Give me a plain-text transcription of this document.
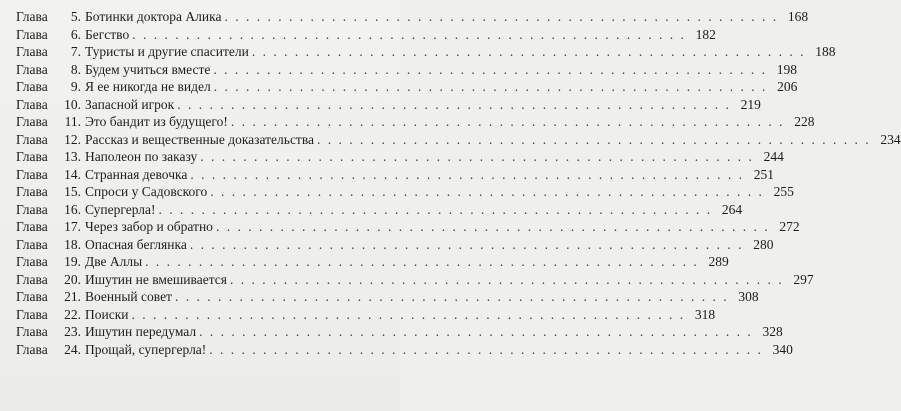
Глава	5. Ботинки доктора Алика . . . . . . . . . . . . . . . . . . . . . . . . . . . . . . . . . . . . . . . . . . . . . . . . . . . . 168
Глава	6. Бегство . . . . . . . . . . . . . . . . . . . . . . . . . . . . . . . . . . . . . . . . . . . . . . . . . . . . 182
Глава	7. Туристы и другие спасители . . . . . . . . . . . . . . . . . . . . . . . . . . . . . . . . . . . . . . . . . . . . . . . . . . . . 188
Глава	8. Будем учиться вместе . . . . . . . . . . . . . . . . . . . . . . . . . . . . . . . . . . . . . . . . . . . . . . . . . . . . 198
Глава	9. Я ее никогда не видел . . . . . . . . . . . . . . . . . . . . . . . . . . . . . . . . . . . . . . . . . . . . . . . . . . . . 206
Глава	10. Запасной игрок . . . . . . . . . . . . . . . . . . . . . . . . . . . . . . . . . . . . . . . . . . . . . . . . . . . . 219
Глава	11. Это бандит из будущего! . . . . . . . . . . . . . . . . . . . . . . . . . . . . . . . . . . . . . . . . . . . . . . . . . . . . 228
Глава	12. Рассказ и вещественные доказательства . . . . . . . . . . . . . . . . . . . . . . . . . . . . . . . . . . . . . . . . . . . . . . . . . . . . 234
Глава	13. Наполеон по заказу . . . . . . . . . . . . . . . . . . . . . . . . . . . . . . . . . . . . . . . . . . . . . . . . . . . . 244
Глава	14. Странная девочка . . . . . . . . . . . . . . . . . . . . . . . . . . . . . . . . . . . . . . . . . . . . . . . . . . . . 251
Глава	15. Спроси у Садовского . . . . . . . . . . . . . . . . . . . . . . . . . . . . . . . . . . . . . . . . . . . . . . . . . . . . 255
Глава	16. Супергерла! . . . . . . . . . . . . . . . . . . . . . . . . . . . . . . . . . . . . . . . . . . . . . . . . . . . . 264
Глава	17. Через забор и обратно . . . . . . . . . . . . . . . . . . . . . . . . . . . . . . . . . . . . . . . . . . . . . . . . . . . . 272
Глава	18. Опасная беглянка . . . . . . . . . . . . . . . . . . . . . . . . . . . . . . . . . . . . . . . . . . . . . . . . . . . . 280
Глава	19. Две Аллы . . . . . . . . . . . . . . . . . . . . . . . . . . . . . . . . . . . . . . . . . . . . . . . . . . . . 289
Глава	20. Ишутин не вмешивается . . . . . . . . . . . . . . . . . . . . . . . . . . . . . . . . . . . . . . . . . . . . . . . . . . . . 297
Глава	21. Военный совет . . . . . . . . . . . . . . . . . . . . . . . . . . . . . . . . . . . . . . . . . . . . . . . . . . . . 308
Глава	22. Поиски . . . . . . . . . . . . . . . . . . . . . . . . . . . . . . . . . . . . . . . . . . . . . . . . . . . . 318
Глава	23. Ишутин передумал . . . . . . . . . . . . . . . . . . . . . . . . . . . . . . . . . . . . . . . . . . . . . . . . . . . . 328
Глава	24. Прощай, супергерла! . . . . . . . . . . . . . . . . . . . . . . . . . . . . . . . . . . . . . . . . . . . . . . . . . . . . 340
